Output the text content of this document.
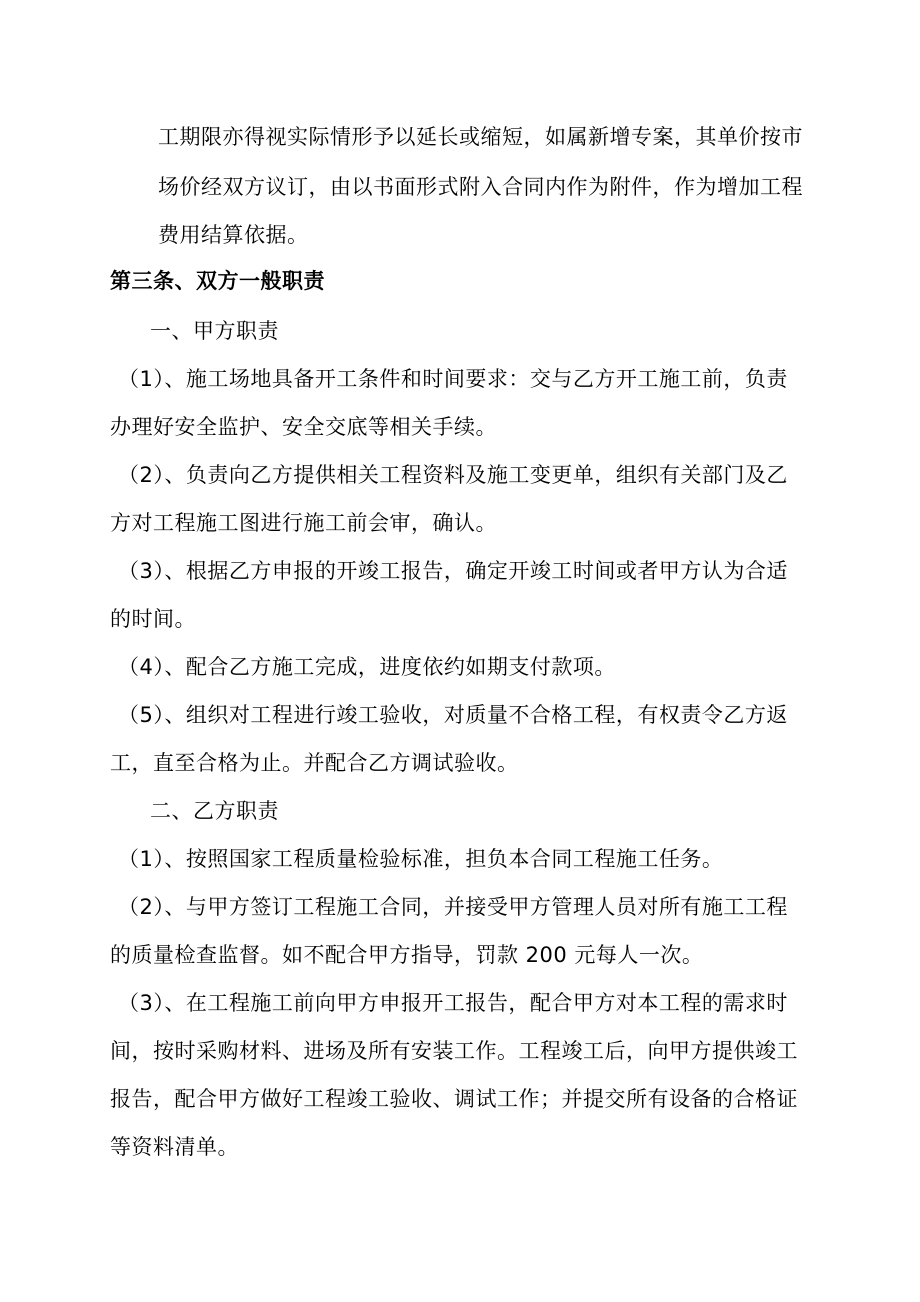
工期限亦得视实际情形予以延长或缩短，如属新增专案，其单价按市
场价经双方议订，由以书面形式附入合同内作为附件，作为增加工程
费用结算依据。
第三条、双方一般职责
一、甲方职责
（1）、施工场地具备开工条件和时间要求：交与乙方开工施工前，负责
办理好安全监护、安全交底等相关手续。
（2）、负责向乙方提供相关工程资料及施工变更单，组织有关部门及乙
方对工程施工图进行施工前会审，确认。
（3）、根据乙方申报的开竣工报告，确定开竣工时间或者甲方认为合适
的时间。
（4）、配合乙方施工完成，进度依约如期支付款项。
（5）、组织对工程进行竣工验收，对质量不合格工程，有权责令乙方返
工，直至合格为止。并配合乙方调试验收。
二、乙方职责
（1）、按照国家工程质量检验标准，担负本合同工程施工任务。
（2）、与甲方签订工程施工合同，并接受甲方管理人员对所有施工工程
的质量检查监督。如不配合甲方指导，罚款 200 元每人一次。
（3）、在工程施工前向甲方申报开工报告，配合甲方对本工程的需求时
间，按时采购材料、进场及所有安装工作。工程竣工后，向甲方提供竣工
报告，配合甲方做好工程竣工验收、调试工作；并提交所有设备的合格证
等资料清单。
